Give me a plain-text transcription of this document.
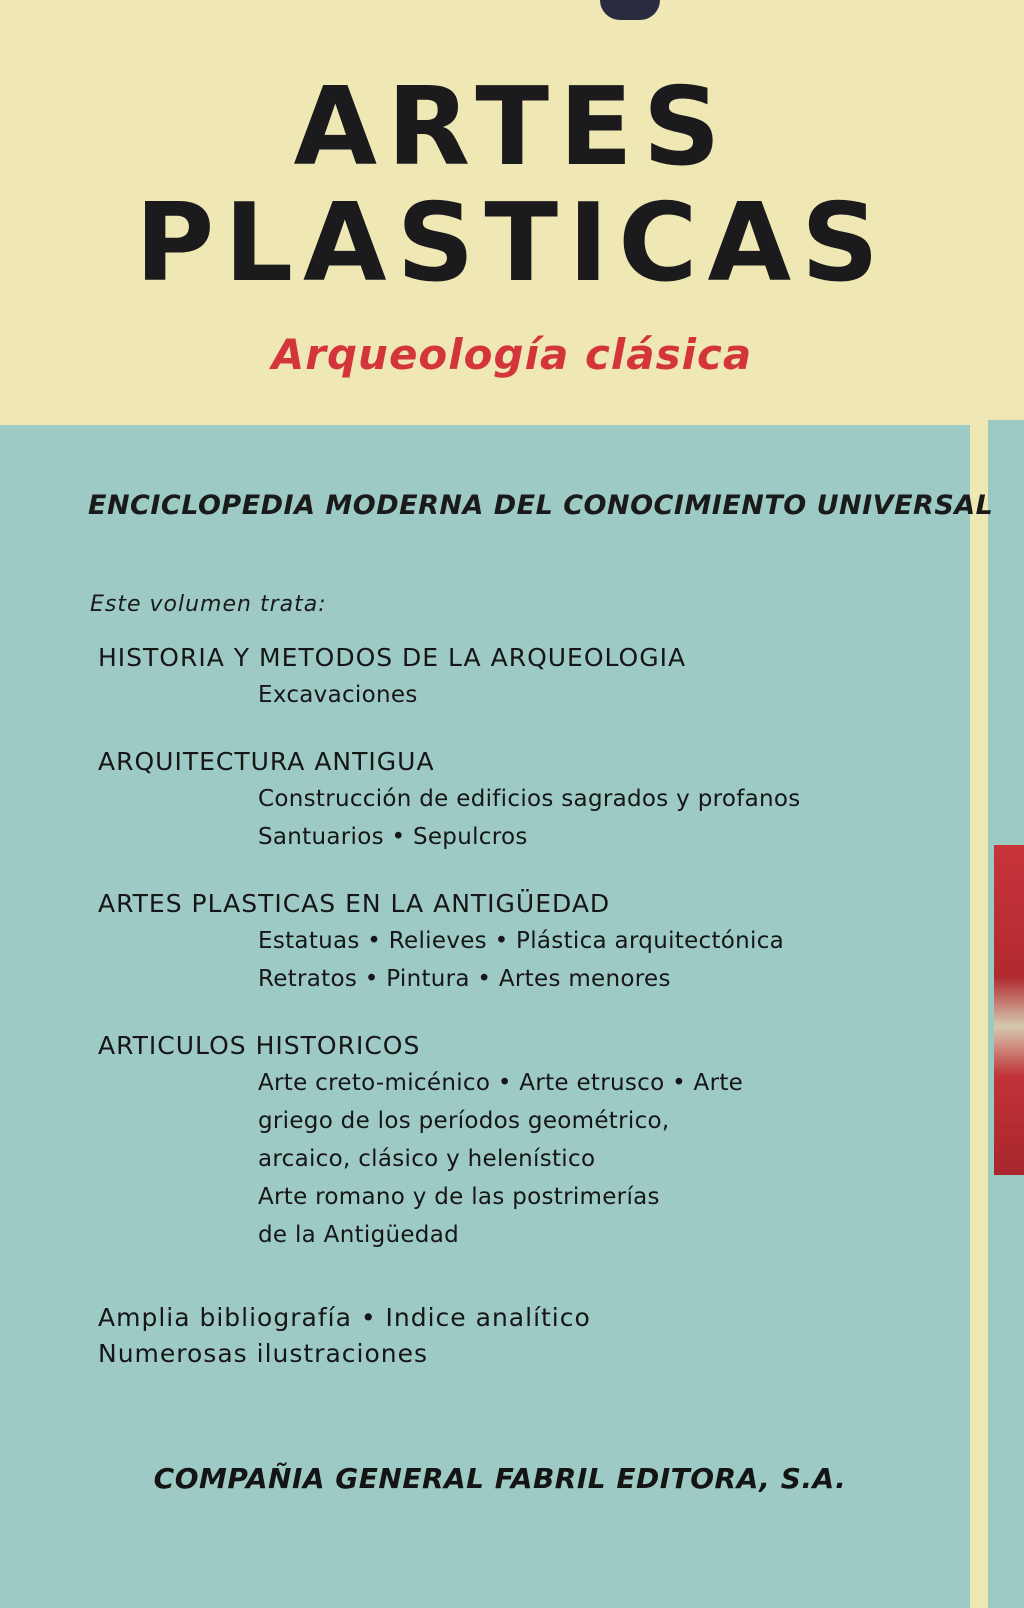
ARTES
PLASTICAS
Arqueología clásica
ENCICLOPEDIA MODERNA DEL CONOCIMIENTO UNIVERSAL
Este volumen trata:
HISTORIA Y METODOS DE LA ARQUEOLOGIA
Excavaciones
ARQUITECTURA ANTIGUA
Construcción de edificios sagrados y profanos
Santuarios • Sepulcros
ARTES PLASTICAS EN LA ANTIGÜEDAD
Estatuas • Relieves • Plástica arquitectónica
Retratos • Pintura • Artes menores
ARTICULOS HISTORICOS
Arte creto-micénico • Arte etrusco • Arte
griego de los períodos geométrico,
arcaico, clásico y helenístico
Arte romano y de las postrimerías
de la Antigüedad
Amplia bibliografía • Indice analítico
Numerosas ilustraciones
COMPAÑIA GENERAL FABRIL EDITORA, S.A.
